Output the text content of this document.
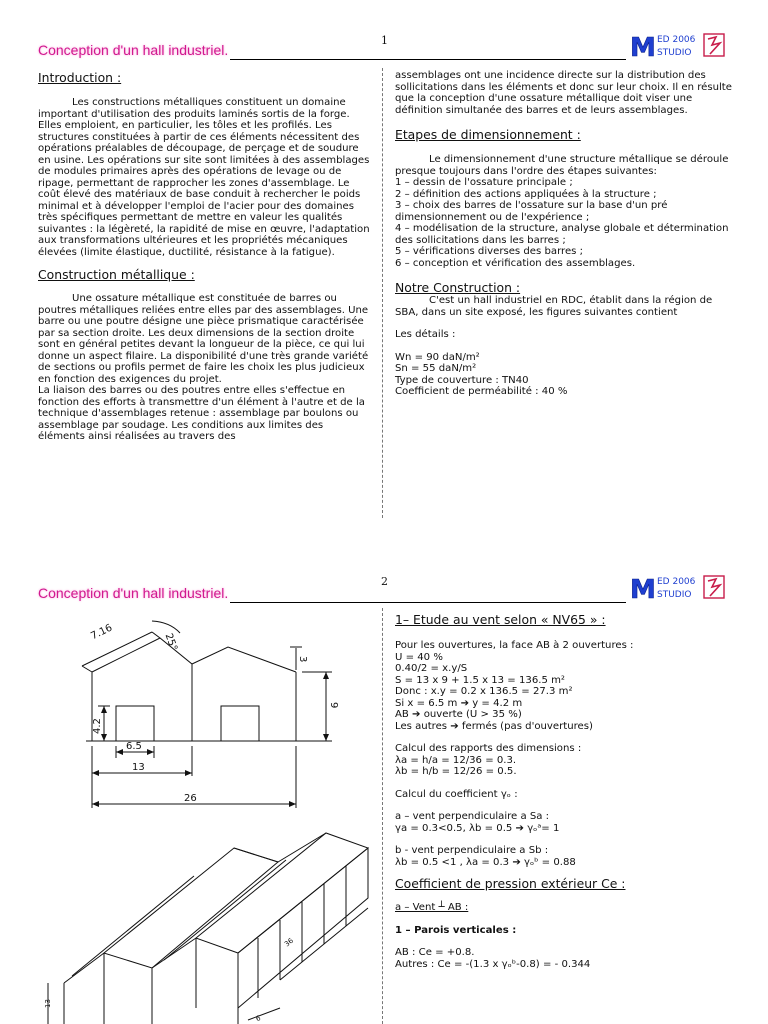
1
Conception d'un hall industriel.	M ED 2006
STUDIO

Introduction :

Les constructions métalliques constituent un domaine important d'utilisation des produits laminés sortis de la forge. Elles emploient, en particulier, les tôles et les profilés. Les structures constituées à partir de ces éléments nécessitent des opérations préalables de découpage, de perçage et de soudure en usine. Les opérations sur site sont limitées à des assemblages de modules primaires après des opérations de levage ou de ripage, permettant de rapprocher les zones d'assemblage. Le coût élevé des matériaux de base conduit à rechercher le poids minimal et à développer l'emploi de l'acier pour des domaines très spécifiques permettant de mettre en valeur les qualités suivantes : la légèreté, la rapidité de mise en œuvre, l'adaptation aux transformations ultérieures et les propriétés mécaniques élevées (limite élastique, ductilité, résistance à la fatigue).

Construction métallique :

Une ossature métallique est constituée de barres ou poutres métalliques reliées entre elles par des assemblages. Une barre ou une poutre désigne une pièce prismatique caractérisée par sa section droite. Les deux dimensions de la section droite sont en général petites devant la longueur de la pièce, ce qui lui donne un aspect filaire. La disponibilité d'une très grande variété de sections ou profils permet de faire les choix les plus judicieux en fonction des exigences du projet.

La liaison des barres ou des poutres entre elles s'effectue en fonction des efforts à transmettre d'un élément à l'autre et de la technique d'assemblages retenue : assemblage par boulons ou assemblage par soudage. Les conditions aux limites des éléments ainsi réalisées au travers des

assemblages ont une incidence directe sur la distribution des sollicitations dans les éléments et donc sur leur choix. Il en résulte que la conception d'une ossature métallique doit viser une définition simultanée des barres et de leurs assemblages.

Etapes de dimensionnement :

Le dimensionnement d'une structure métallique se déroule presque toujours dans l'ordre des étapes suivantes:

1 – dessin de l'ossature principale ;

2 – définition des actions appliquées à la structure ;

3 – choix des barres de l'ossature sur la base d'un pré dimensionnement ou de l'expérience ;

4 – modélisation de la structure, analyse globale et détermination des sollicitations dans les barres ;

5 – vérifications diverses des barres ;

6 – conception et vérification des assemblages.

Notre Construction :

C'est un hall industriel en RDC, établit dans la région de SBA, dans un site exposé, les figures suivantes contient

Les détails :

Wn = 90 daN/m²

Sn = 55 daN/m²

Type de couverture : TN40

Coefficient de perméabilité : 40 %

2
Conception d'un hall industriel.	M ED 2006
STUDIO
7.16	25°
3
9
4.2
6.5
13
26
36
13
6

1– Etude au vent selon « NV65 » :

Pour les ouvertures, la face AB à 2 ouvertures :

U = 40 %

0.40/2 = x.y/S

S = 13 x 9 + 1.5 x 13 = 136.5 m²

Donc : x.y = 0.2 x 136.5 = 27.3 m²

Si x = 6.5 m ➔ y = 4.2 m

AB ➔ ouverte (U > 35 %)

Les autres ➔ fermés (pas d'ouvertures)

Calcul des rapports des dimensions :

λa = h/a = 12/36 = 0.3.

λb = h/b = 12/26 = 0.5.

Calcul du coefficient γₒ :

a – vent perpendiculaire a Sa :

γa = 0.3<0.5, λb = 0.5 ➔ γₒᵃ= 1

b - vent perpendiculaire a Sb :

λb = 0.5 <1 , λa = 0.3 ➔ γₒᵇ = 0.88

Coefficient de pression extérieur Ce :

a – Vent ┴ AB :

1 – Parois verticales :

AB : Ce = +0.8.

Autres : Ce = -(1.3 x γₒᵇ-0.8) = - 0.344
